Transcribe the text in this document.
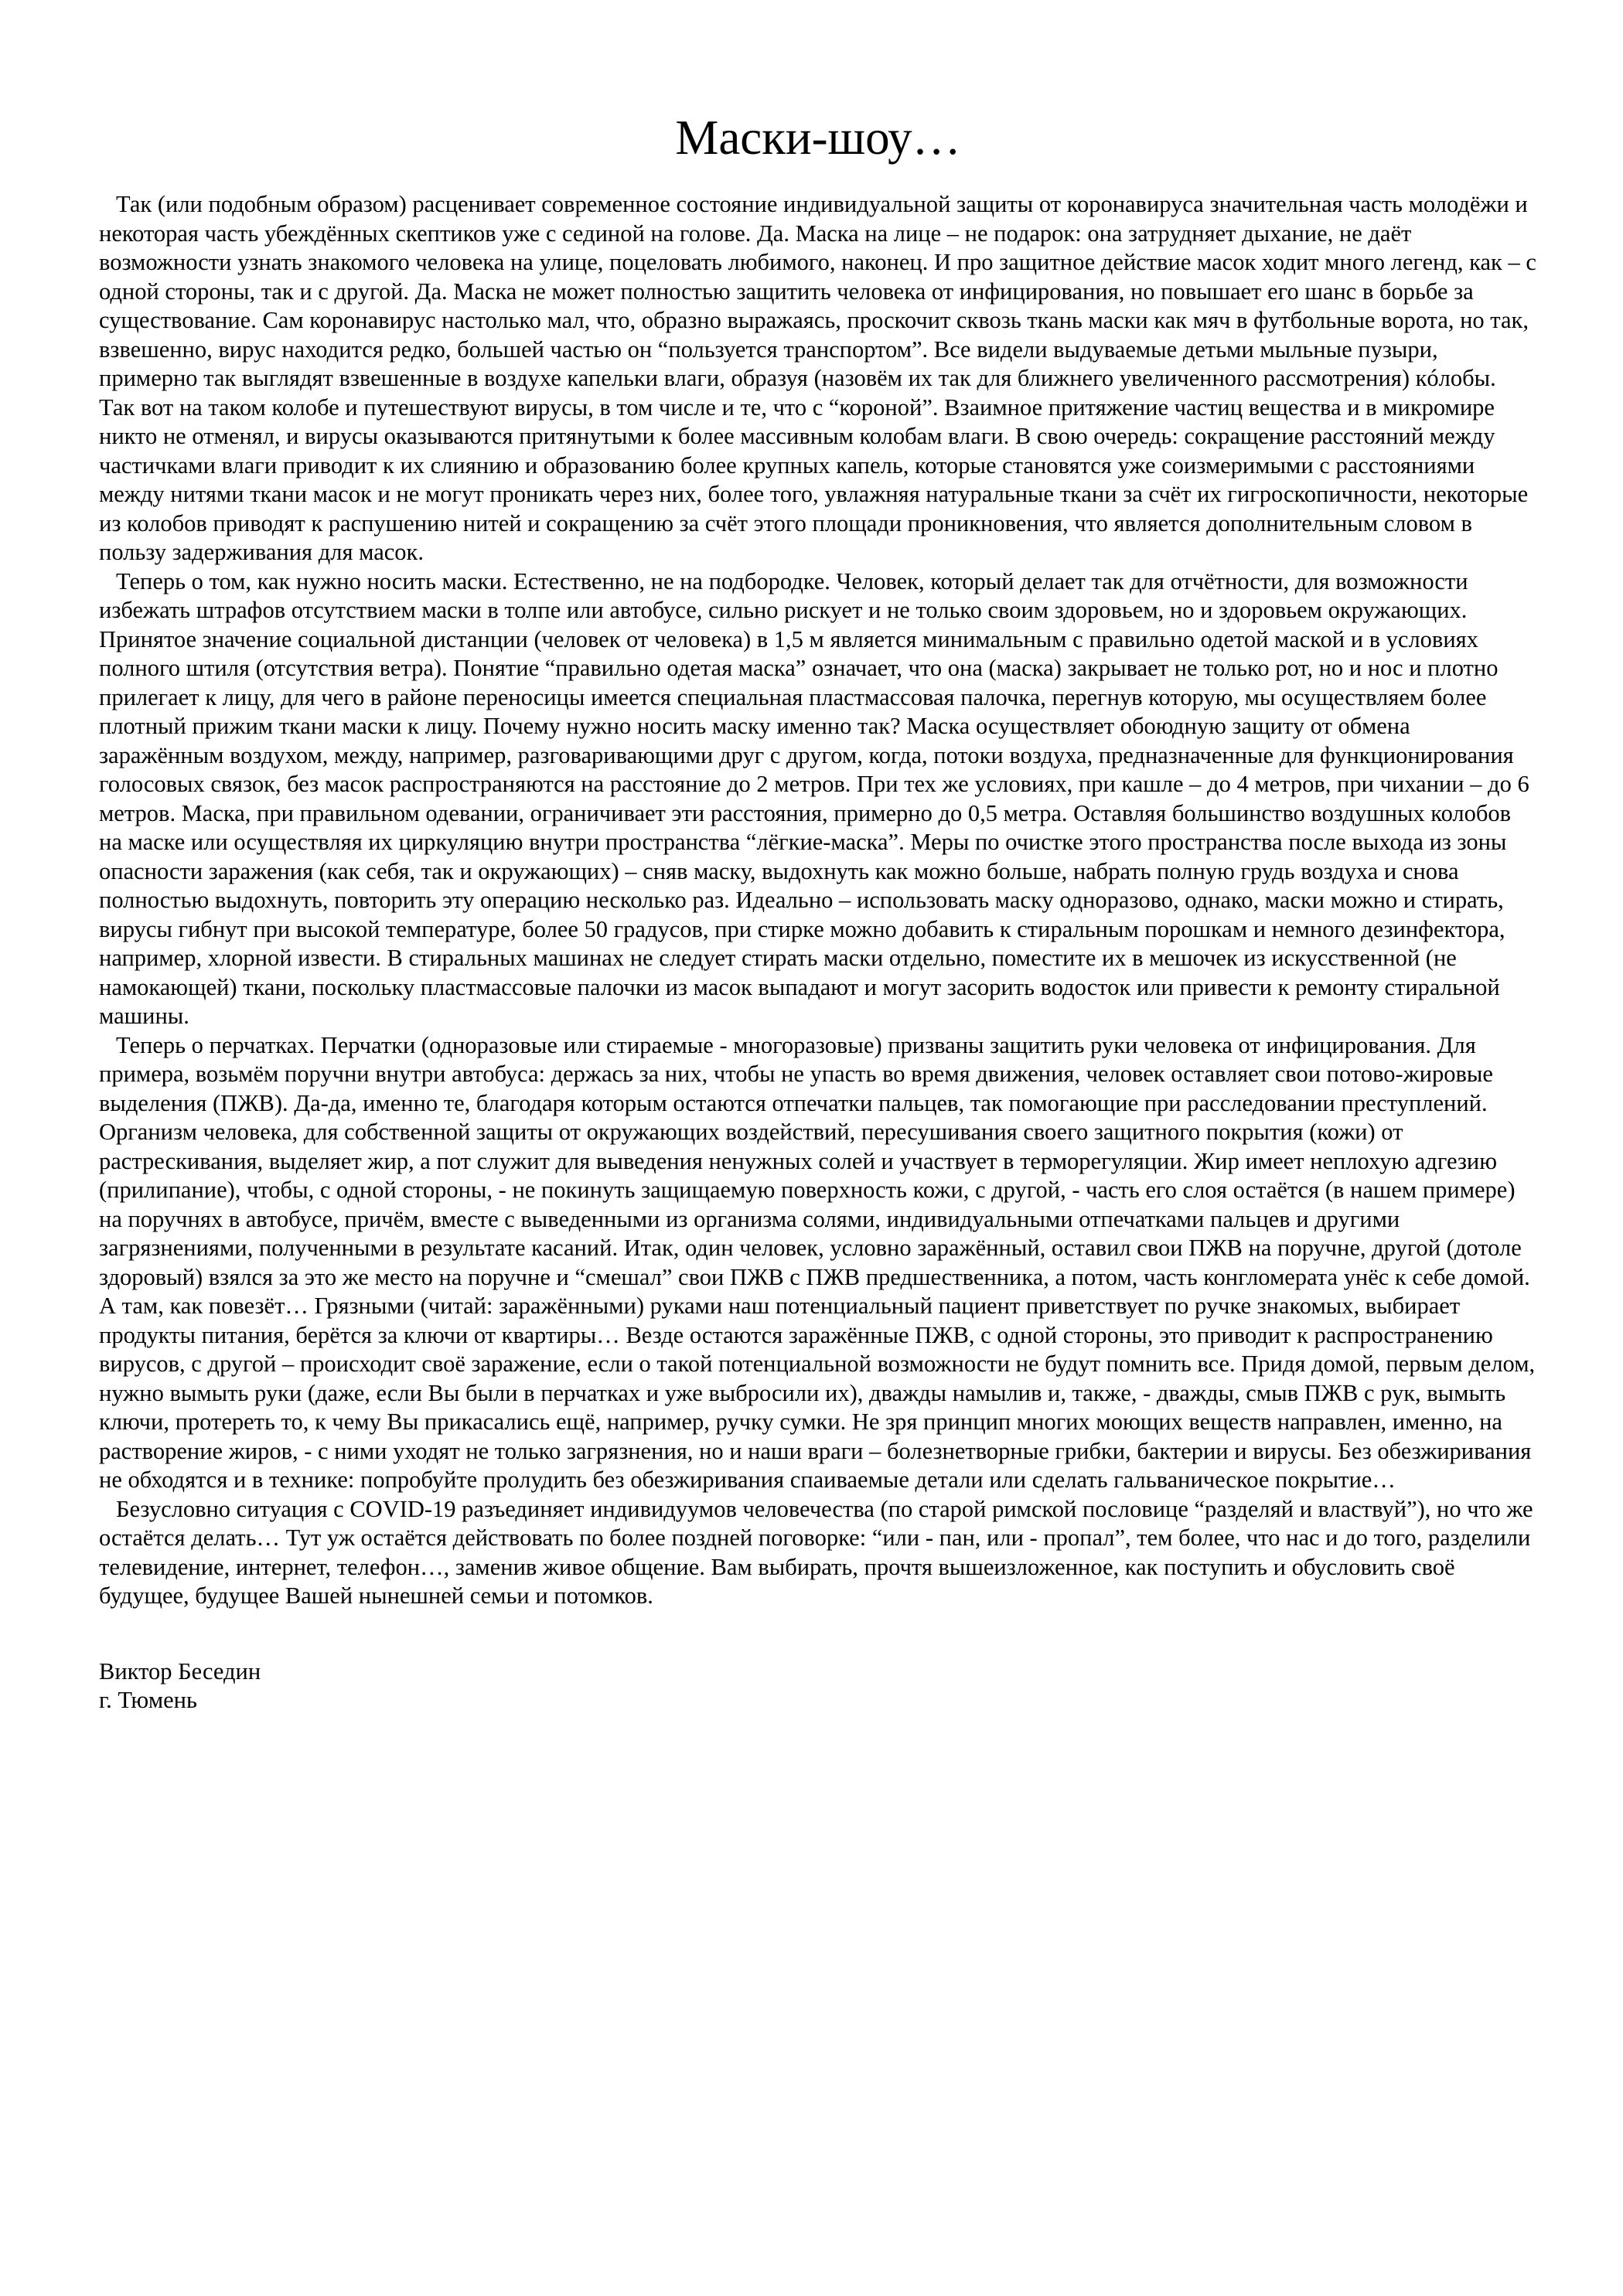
Маски-шоу…

Так (или подобным образом) расценивает современное состояние индивидуальной защиты от коронавируса значительная часть молодёжи и некоторая часть убеждённых скептиков уже с сединой на голове. Да. Маска на лице – не подарок: она затрудняет дыхание, не даёт возможности узнать знакомого человека на улице, поцеловать любимого, наконец. И про защитное действие масок ходит много легенд, как – с одной стороны, так и с другой. Да. Маска не может полностью защитить человека от инфицирования, но повышает его шанс в борьбе за существование. Сам коронавирус настолько мал, что, образно выражаясь, проскочит сквозь ткань маски как мяч в футбольные ворота, но так, взвешенно, вирус находится редко, большей частью он “пользуется транспортом”. Все видели выдуваемые детьми мыльные пузыри, примерно так выглядят взвешенные в воздухе капельки влаги, образуя (назовём их так для ближнего увеличенного рассмотрения) кóлобы. Так вот на таком колобе и путешествуют вирусы, в том числе и те, что с “короной”. Взаимное притяжение частиц вещества и в микромире никто не отменял, и вирусы оказываются притянутыми к более массивным колобам влаги. В свою очередь: сокращение расстояний между частичками влаги приводит к их слиянию и образованию более крупных капель, которые становятся уже соизмеримыми с расстояниями между нитями ткани масок и не могут проникать через них, более того, увлажняя натуральные ткани за счёт их гигроскопичности, некоторые из колобов приводят к распушению нитей и сокращению за счёт этого площади проникновения, что является дополнительным словом в пользу задерживания для масок.

Теперь о том, как нужно носить маски. Естественно, не на подбородке. Человек, который делает так для отчётности, для возможности избежать штрафов отсутствием маски в толпе или автобусе, сильно рискует и не только своим здоровьем, но и здоровьем окружающих. Принятое значение социальной дистанции (человек от человека) в 1,5 м является минимальным с правильно одетой маской и в условиях полного штиля (отсутствия ветра). Понятие “правильно одетая маска” означает, что она (маска) закрывает не только рот, но и нос и плотно прилегает к лицу, для чего в районе переносицы имеется специальная пластмассовая палочка, перегнув которую, мы осуществляем более плотный прижим ткани маски к лицу. Почему нужно носить маску именно так? Маска осуществляет обоюдную защиту от обмена заражённым воздухом, между, например, разговаривающими друг с другом, когда, потоки воздуха, предназначенные для функционирования голосовых связок, без масок распространяются на расстояние до 2 метров. При тех же условиях, при кашле – до 4 метров, при чихании – до 6 метров. Маска, при правильном одевании, ограничивает эти расстояния, примерно до 0,5 метра. Оставляя большинство воздушных колобов на маске или осуществляя их циркуляцию внутри пространства “лёгкие-маска”. Меры по очистке этого пространства после выхода из зоны опасности заражения (как себя, так и окружающих) – сняв маску, выдохнуть как можно больше, набрать полную грудь воздуха и снова полностью выдохнуть, повторить эту операцию несколько раз. Идеально – использовать маску одноразово, однако, маски можно и стирать, вирусы гибнут при высокой температуре, более 50 градусов, при стирке можно добавить к стиральным порошкам и немного дезинфектора, например, хлорной извести. В стиральных машинах не следует стирать маски отдельно, поместите их в мешочек из искусственной (не намокающей) ткани, поскольку пластмассовые палочки из масок выпадают и могут засорить водосток или привести к ремонту стиральной машины.

Теперь о перчатках. Перчатки (одноразовые или стираемые - многоразовые) призваны защитить руки человека от инфицирования. Для примера, возьмём поручни внутри автобуса: держась за них, чтобы не упасть во время движения, человек оставляет свои потово-жировые выделения (ПЖВ). Да-да, именно те, благодаря которым остаются отпечатки пальцев, так помогающие при расследовании преступлений. Организм человека, для собственной защиты от окружающих воздействий, пересушивания своего защитного покрытия (кожи) от растрескивания, выделяет жир, а пот служит для выведения ненужных солей и участвует в терморегуляции. Жир имеет неплохую адгезию (прилипание), чтобы, с одной стороны, - не покинуть защищаемую поверхность кожи, с другой, - часть его слоя остаётся (в нашем примере) на поручнях в автобусе, причём, вместе с выведенными из организма солями, индивидуальными отпечатками пальцев и другими загрязнениями, полученными в результате касаний. Итак, один человек, условно заражённый, оставил свои ПЖВ на поручне, другой (дотоле здоровый) взялся за это же место на поручне и “смешал” свои ПЖВ с ПЖВ предшественника, а потом, часть конгломерата унёс к себе домой. А там, как повезёт… Грязными (читай: заражёнными) руками наш потенциальный пациент приветствует по ручке знакомых, выбирает продукты питания, берётся за ключи от квартиры… Везде остаются заражённые ПЖВ, с одной стороны, это приводит к распространению вирусов, с другой – происходит своё заражение, если о такой потенциальной возможности не будут помнить все. Придя домой, первым делом, нужно вымыть руки (даже, если Вы были в перчатках и уже выбросили их), дважды намылив и, также, - дважды, смыв ПЖВ с рук, вымыть ключи, протереть то, к чему Вы прикасались ещё, например, ручку сумки. Не зря принцип многих моющих веществ направлен, именно, на растворение жиров, - с ними уходят не только загрязнения, но и наши враги – болезнетворные грибки, бактерии и вирусы. Без обезжиривания не обходятся и в технике: попробуйте пролудить без обезжиривания спаиваемые детали или сделать гальваническое покрытие…

Безусловно ситуация с COVID-19 разъединяет индивидуумов человечества (по старой римской пословице “разделяй и властвуй”), но что же остаётся делать… Тут уж остаётся действовать по более поздней поговорке: “или - пан, или - пропал”, тем более, что нас и до того, разделили телевидение, интернет, телефон…, заменив живое общение. Вам выбирать, прочтя вышеизложенное, как поступить и обусловить своё будущее, будущее Вашей нынешней семьи и потомков.

Виктор Беседин
г. Тюмень
